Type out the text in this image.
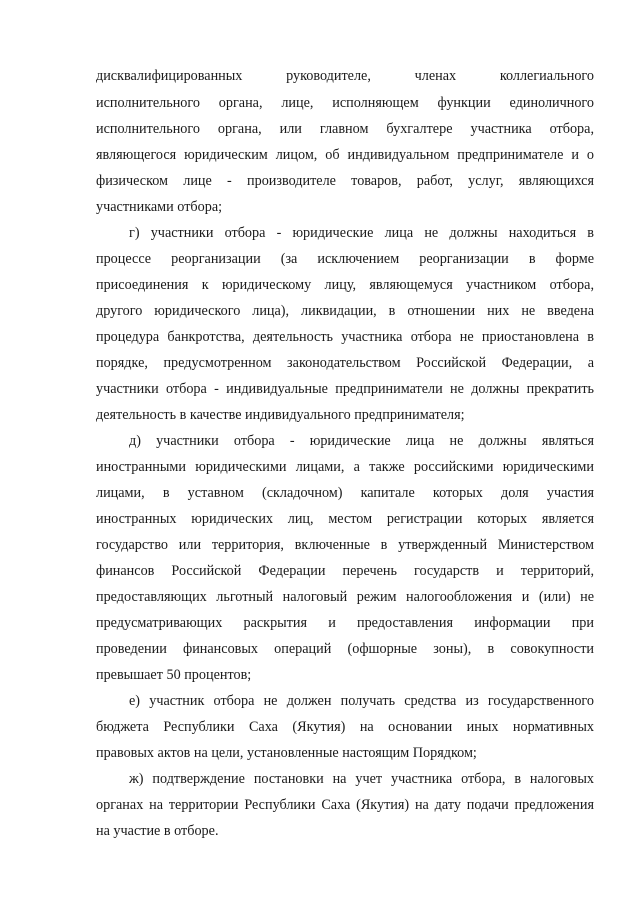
дисквалифицированных руководителе, членах коллегиального
исполнительного органа, лице, исполняющем функции единоличного
исполнительного органа, или главном бухгалтере участника отбора,
являющегося юридическим лицом, об индивидуальном предпринимателе и о
физическом лице - производителе товаров, работ, услуг, являющихся
участниками отбора;
г) участники отбора - юридические лица не должны находиться в
процессе реорганизации (за исключением реорганизации в форме
присоединения к юридическому лицу, являющемуся участником отбора,
другого юридического лица), ликвидации, в отношении них не введена
процедура банкротства, деятельность участника отбора не приостановлена в
порядке, предусмотренном законодательством Российской Федерации, а
участники отбора - индивидуальные предприниматели не должны прекратить
деятельность в качестве индивидуального предпринимателя;
д) участники отбора - юридические лица не должны являться
иностранными юридическими лицами, а также российскими юридическими
лицами, в уставном (складочном) капитале которых доля участия
иностранных юридических лиц, местом регистрации которых является
государство или территория, включенные в утвержденный Министерством
финансов Российской Федерации перечень государств и территорий,
предоставляющих льготный налоговый режим налогообложения и (или) не
предусматривающих раскрытия и предоставления информации при
проведении финансовых операций (офшорные зоны), в совокупности
превышает 50 процентов;
е) участник отбора не должен получать средства из государственного
бюджета Республики Саха (Якутия) на основании иных нормативных
правовых актов на цели, установленные настоящим Порядком;
ж) подтверждение постановки на учет участника отбора, в налоговых
органах на территории Республики Саха (Якутия) на дату подачи предложения
на участие в отборе.
